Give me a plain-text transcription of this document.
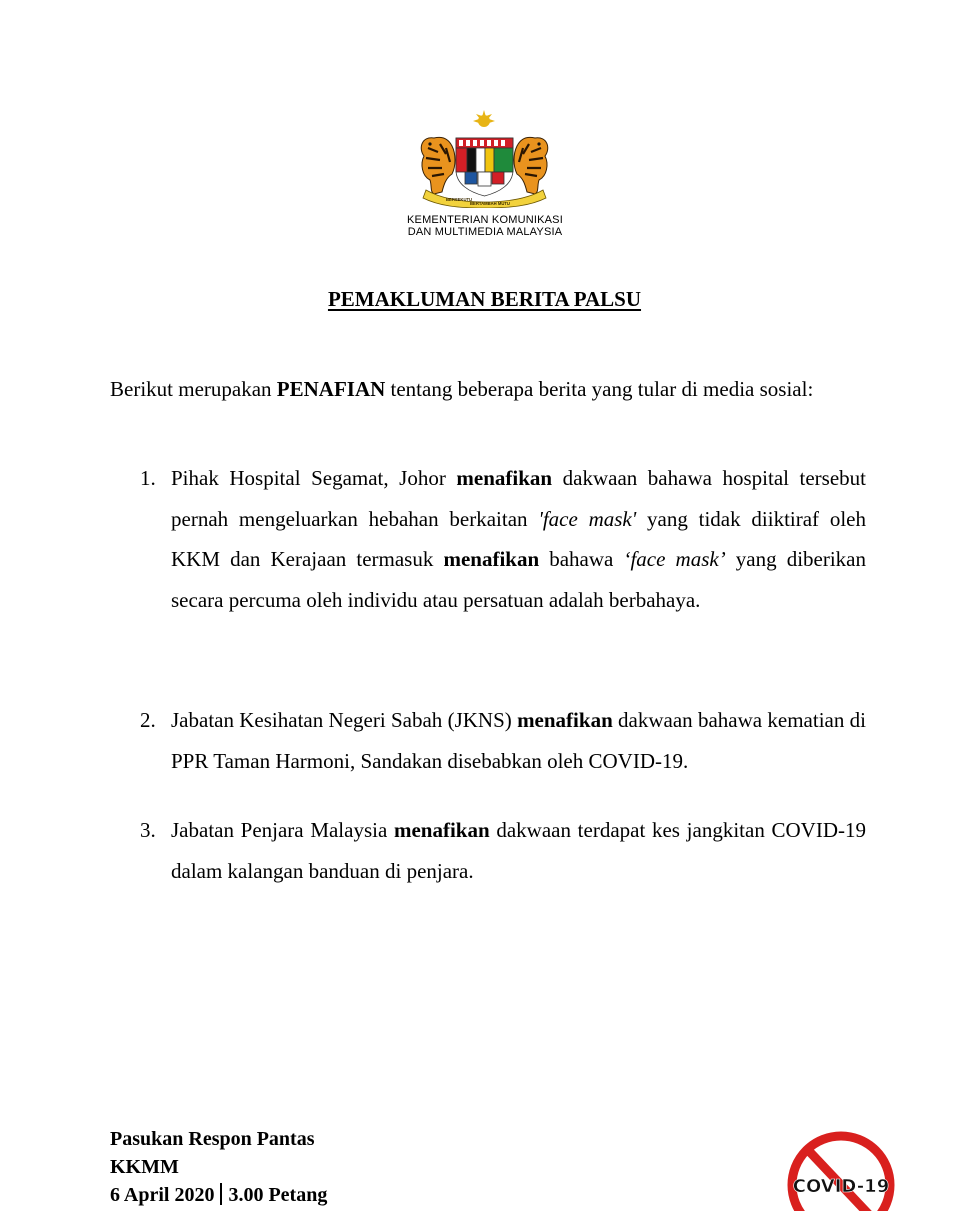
BERSEKUTU
BERTAMBAH MUTU
KEMENTERIAN KOMUNIKASI
DAN MULTIMEDIA MALAYSIA
PEMAKLUMAN BERITA PALSU
Berikut merupakan PENAFIAN tentang beberapa berita yang tular di media sosial:
1. Pihak Hospital Segamat, Johor menafikan dakwaan bahawa hospital tersebut pernah mengeluarkan hebahan berkaitan 'face mask' yang tidak diiktiraf oleh KKM dan Kerajaan termasuk menafikan bahawa ‘face mask’ yang diberikan secara percuma oleh individu atau persatuan adalah berbahaya.
2. Jabatan Kesihatan Negeri Sabah (JKNS) menafikan dakwaan bahawa kematian di PPR Taman Harmoni, Sandakan disebabkan oleh COVID-19.
3. Jabatan Penjara Malaysia menafikan dakwaan terdapat kes jangkitan COVID-19 dalam kalangan banduan di penjara.
Pasukan Respon Pantas
KKMM
6 April 2020 3.00 Petang	COVID-19
